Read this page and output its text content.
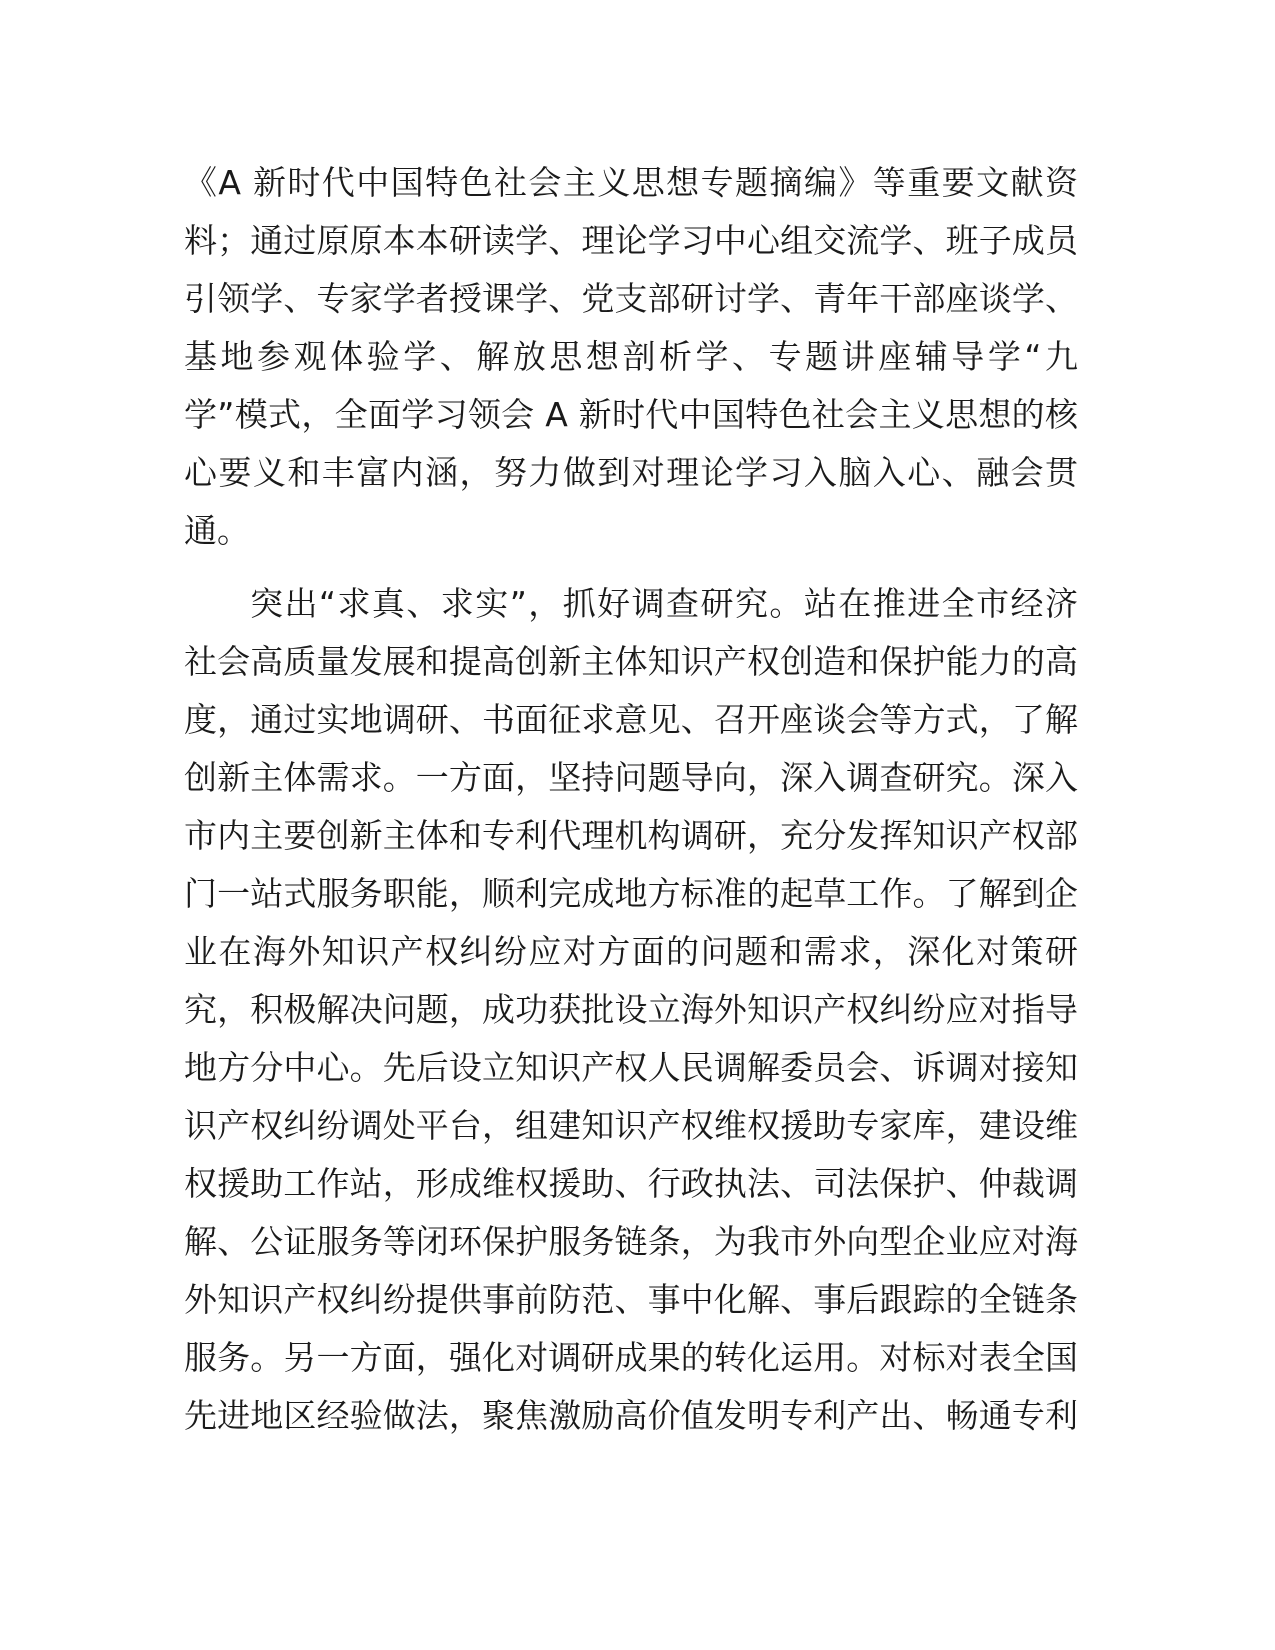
《A 新时代中国特色社会主义思想专题摘编》等重要文献资
料；通过原原本本研读学、理论学习中心组交流学、班子成员
引领学、专家学者授课学、党支部研讨学、青年干部座谈学、
基地参观体验学、解放思想剖析学、专题讲座辅导学“九
学”模式，全面学习领会 A 新时代中国特色社会主义思想的核
心要义和丰富内涵，努力做到对理论学习入脑入心、融会贯
通。
突出“求真、求实”，抓好调查研究。站在推进全市经济
社会高质量发展和提高创新主体知识产权创造和保护能力的高
度，通过实地调研、书面征求意见、召开座谈会等方式，了解
创新主体需求。一方面，坚持问题导向，深入调查研究。深入
市内主要创新主体和专利代理机构调研，充分发挥知识产权部
门一站式服务职能，顺利完成地方标准的起草工作。了解到企
业在海外知识产权纠纷应对方面的问题和需求，深化对策研
究，积极解决问题，成功获批设立海外知识产权纠纷应对指导
地方分中心。先后设立知识产权人民调解委员会、诉调对接知
识产权纠纷调处平台，组建知识产权维权援助专家库，建设维
权援助工作站，形成维权援助、行政执法、司法保护、仲裁调
解、公证服务等闭环保护服务链条，为我市外向型企业应对海
外知识产权纠纷提供事前防范、事中化解、事后跟踪的全链条
服务。另一方面，强化对调研成果的转化运用。对标对表全国
先进地区经验做法，聚焦激励高价值发明专利产出、畅通专利
